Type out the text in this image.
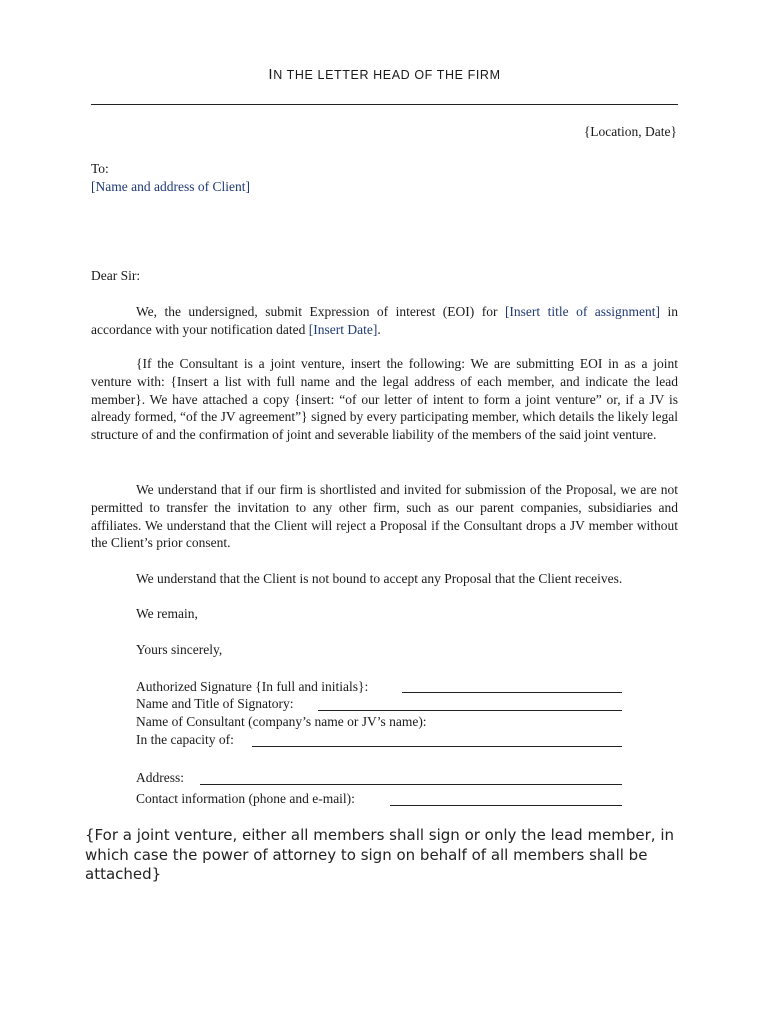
IN THE LETTER HEAD OF THE FIRM
{Location, Date}
To:
[Name and address of Client]
Dear Sir:

We, the undersigned, submit Expression of interest (EOI) for [Insert title of assignment] in accordance with your notification dated [Insert Date].

{If the Consultant is a joint venture, insert the following: We are submitting EOI in as a joint venture with: {Insert a list with full name and the legal address of each member, and indicate the lead member}. We have attached a copy {insert: “of our letter of intent to form a joint venture” or, if a JV is already formed, “of the JV agreement”} signed by every participating member, which details the likely legal structure of and the confirmation of joint and severable liability of the members of the said joint venture.

We understand that if our firm is shortlisted and invited for submission of the Proposal, we are not permitted to transfer the invitation to any other firm, such as our parent companies, subsidiaries and affiliates. We understand that the Client will reject a Proposal if the Consultant drops a JV member without the Client’s prior consent.

We understand that the Client is not bound to accept any Proposal that the Client receives.
We remain,
Yours sincerely,
Authorized Signature {In full and initials}:
Name and Title of Signatory:
Name of Consultant (company’s name or JV’s name):
In the capacity of:
Address:
Contact information (phone and e-mail):
{For a joint venture, either all members shall sign or only the lead member, in which case the power of attorney to sign on behalf of all members shall be attached}
